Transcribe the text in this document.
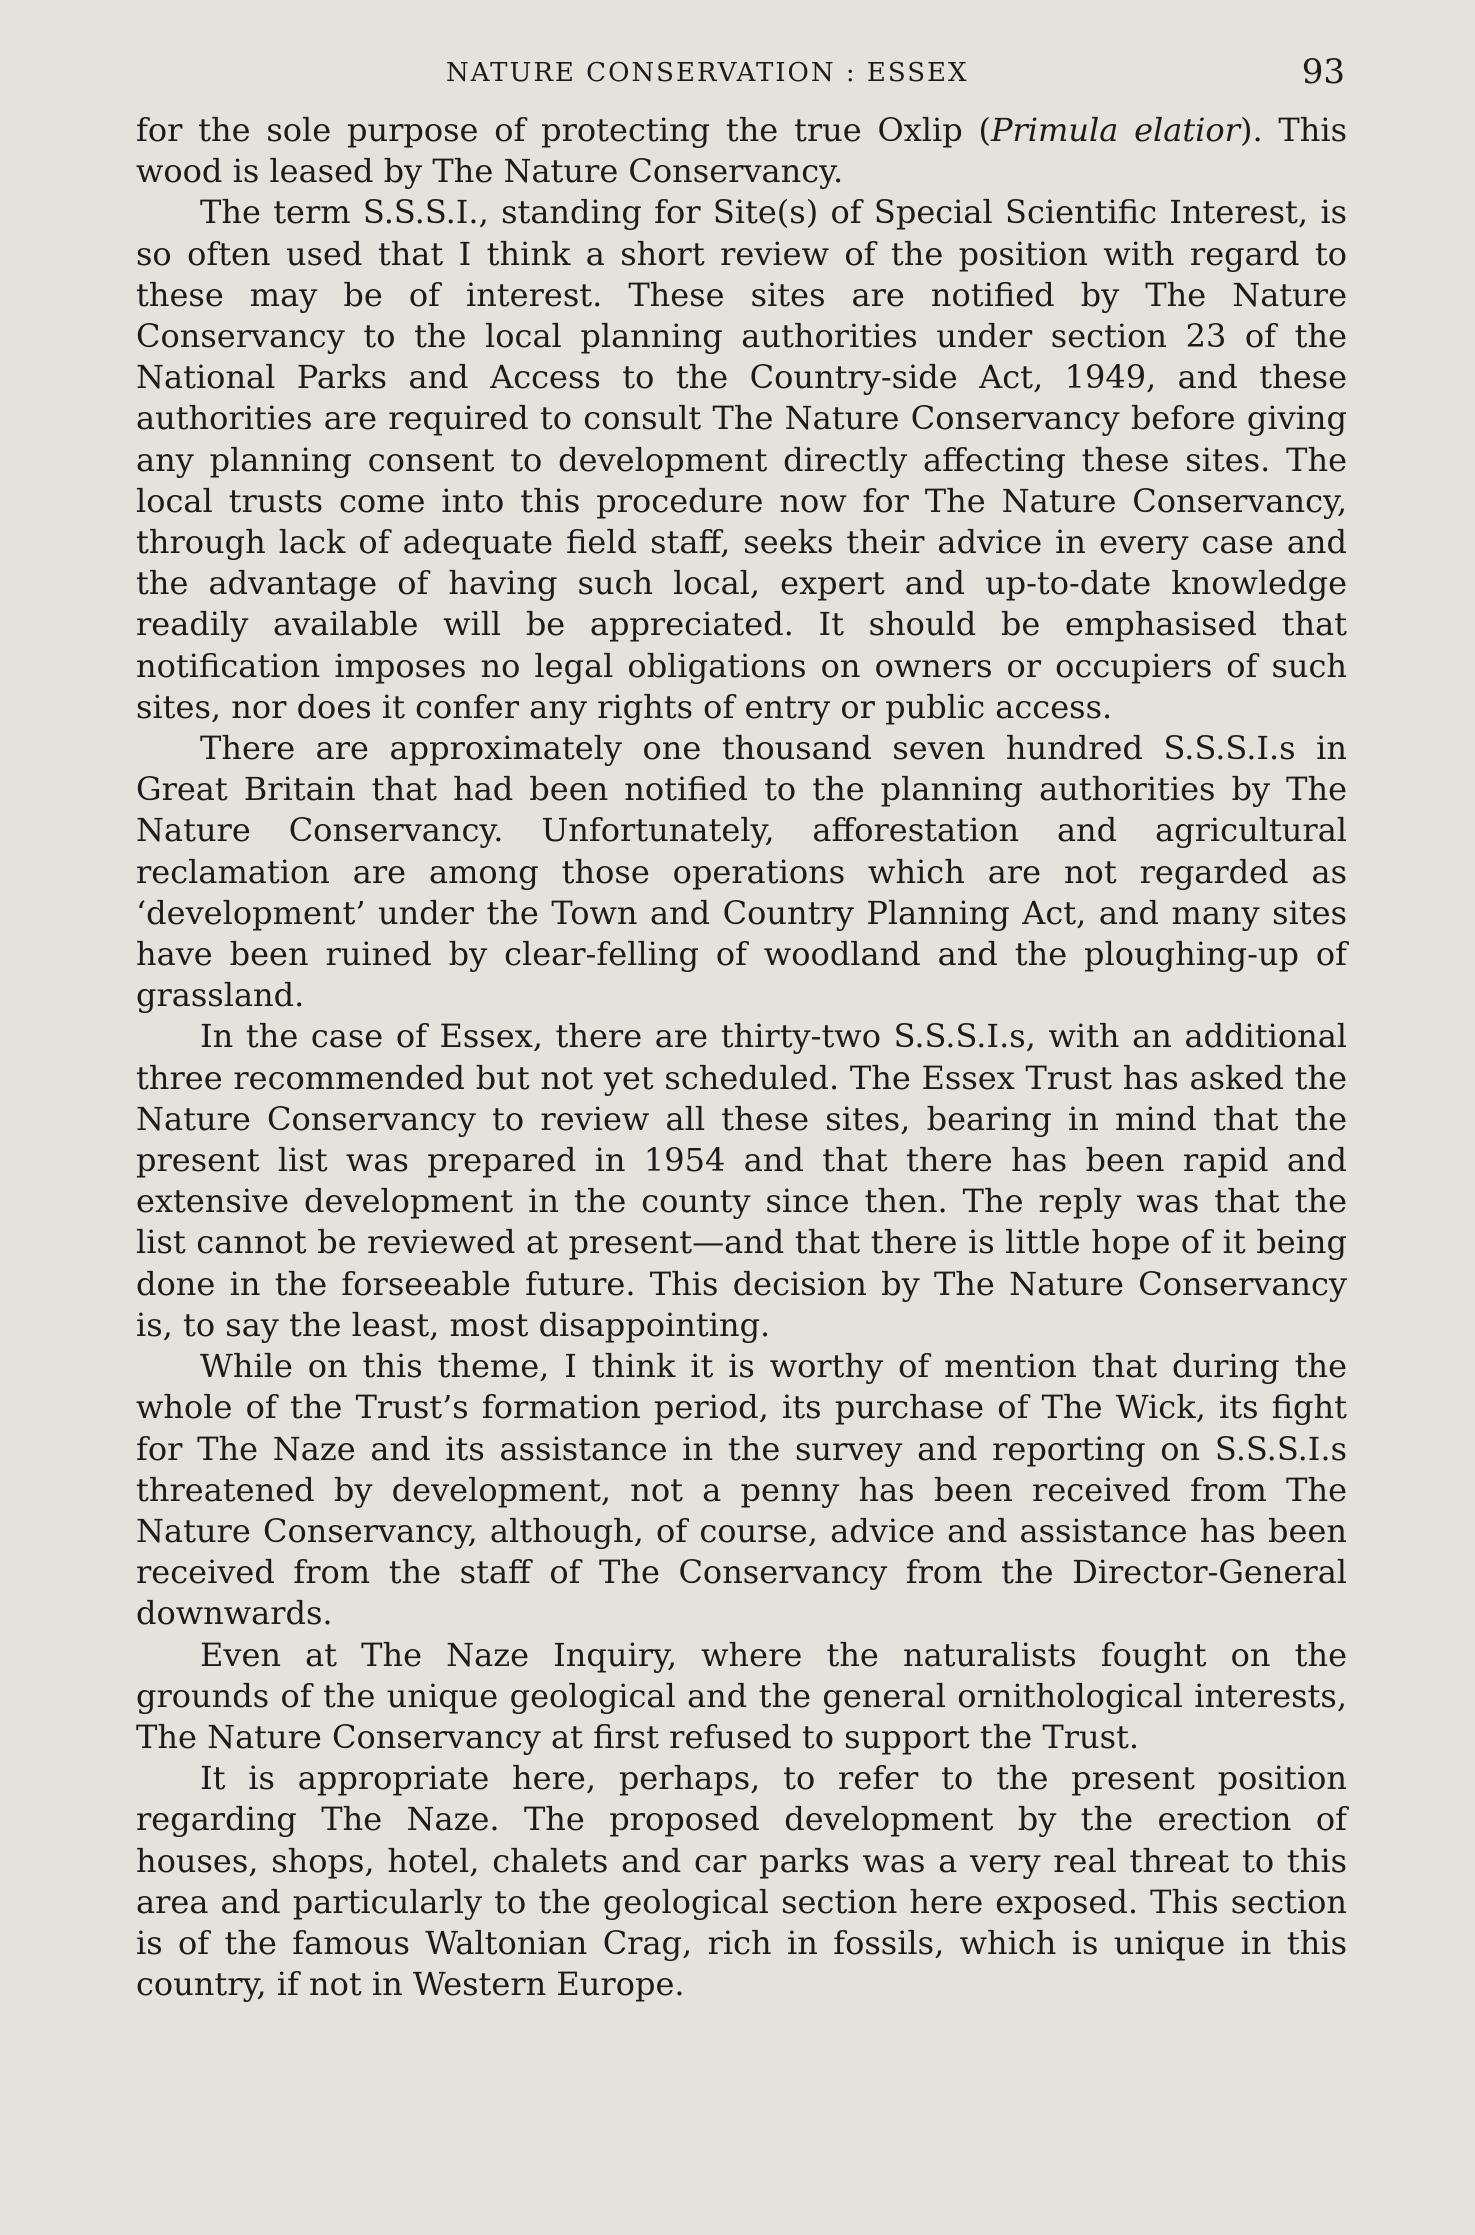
NATURE CONSERVATION : ESSEX	93

for the sole purpose of protecting the true Oxlip (Primula elatior). This wood is leased by The Nature Conservancy.

The term S.S.S.I., standing for Site(s) of Special Scientific Interest, is so often used that I think a short review of the position with regard to these may be of interest. These sites are notified by The Nature Conservancy to the local planning authorities under section 23 of the National Parks and Access to the Country-side Act, 1949, and these authorities are required to consult The Nature Conservancy before giving any planning consent to development directly affecting these sites. The local trusts come into this procedure now for The Nature Conservancy, through lack of adequate field staff, seeks their advice in every case and the advantage of having such local, expert and up-to-date knowledge readily available will be appreciated. It should be emphasised that notification imposes no legal obligations on owners or occupiers of such sites, nor does it confer any rights of entry or public access.

There are approximately one thousand seven hundred S.S.S.I.s in Great Britain that had been notified to the planning authorities by The Nature Conservancy. Unfortunately, afforestation and agricultural reclamation are among those operations which are not regarded as ‘development’ under the Town and Country Planning Act, and many sites have been ruined by clear-felling of woodland and the ploughing-up of grassland.

In the case of Essex, there are thirty-two S.S.S.I.s, with an additional three recommended but not yet scheduled. The Essex Trust has asked the Nature Conservancy to review all these sites, bearing in mind that the present list was prepared in 1954 and that there has been rapid and extensive development in the county since then. The reply was that the list cannot be reviewed at present—and that there is little hope of it being done in the forseeable future. This decision by The Nature Conservancy is, to say the least, most disappointing.

While on this theme, I think it is worthy of mention that during the whole of the Trust’s formation period, its purchase of The Wick, its fight for The Naze and its assistance in the survey and reporting on S.S.S.I.s threatened by development, not a penny has been received from The Nature Conservancy, although, of course, advice and assistance has been received from the staff of The Conservancy from the Director-General downwards.

Even at The Naze Inquiry, where the naturalists fought on the grounds of the unique geological and the general ornithological interests, The Nature Conservancy at first refused to support the Trust.

It is appropriate here, perhaps, to refer to the present position regarding The Naze. The proposed development by the erection of houses, shops, hotel, chalets and car parks was a very real threat to this area and particularly to the geological section here exposed. This section is of the famous Waltonian Crag, rich in fossils, which is unique in this country, if not in Western Europe.
